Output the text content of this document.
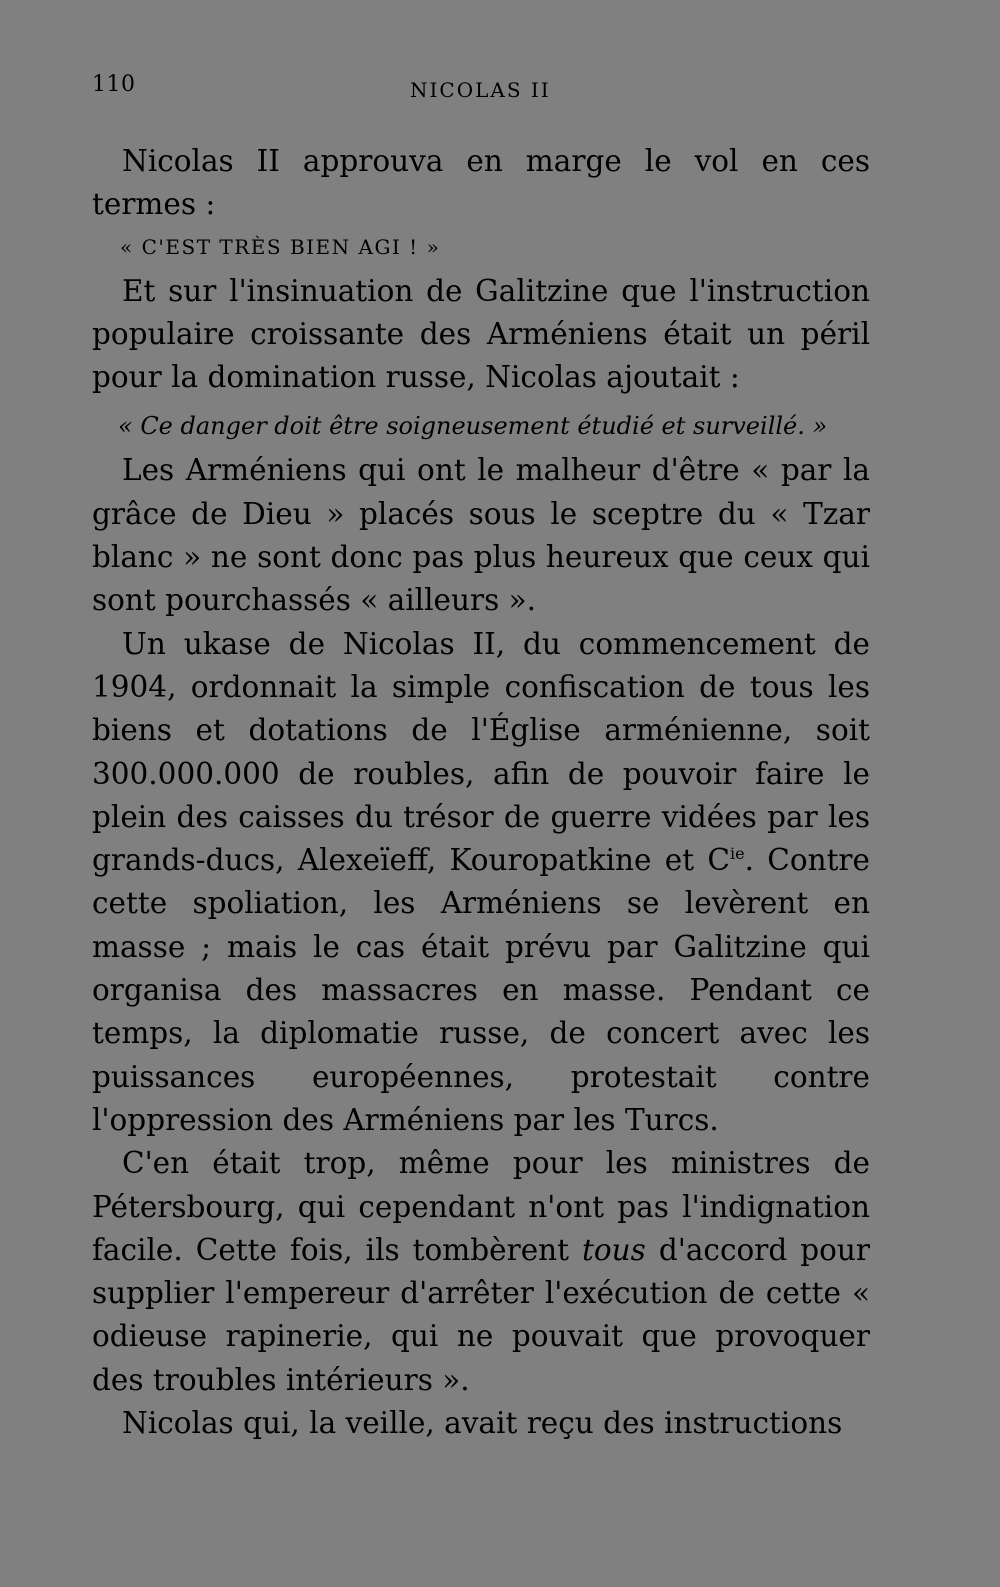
110	NICOLAS II

Nicolas II approuva en marge le vol en ces termes :

« C'EST TRÈS BIEN AGI ! »

Et sur l'insinuation de Galitzine que l'instruction populaire croissante des Arméniens était un péril pour la domination russe, Nicolas ajoutait :

« Ce danger doit être soigneusement étudié et surveillé. »

Les Arméniens qui ont le malheur d'être « par la grâce de Dieu » placés sous le sceptre du « Tzar blanc » ne sont donc pas plus heureux que ceux qui sont pourchassés « ailleurs ».

Un ukase de Nicolas II, du commencement de 1904, ordonnait la simple confiscation de tous les biens et dotations de l'Église arménienne, soit 300.000.000 de roubles, afin de pouvoir faire le plein des caisses du trésor de guerre vidées par les grands-ducs, Alexeïeff, Kouropatkine et $C^{ie}$. Contre cette spoliation, les Arméniens se levèrent en masse ; mais le cas était prévu par Galitzine qui organisa des massacres en masse. Pendant ce temps, la diplomatie russe, de concert avec les puissances européennes, protestait contre l'oppression des Arméniens par les Turcs.

C'en était trop, même pour les ministres de Pétersbourg, qui cependant n'ont pas l'indignation facile. Cette fois, ils tombèrent tous d'accord pour supplier l'empereur d'arrêter l'exécution de cette « odieuse rapinerie, qui ne pouvait que provoquer des troubles intérieurs ».

Nicolas qui, la veille, avait reçu des instructions
